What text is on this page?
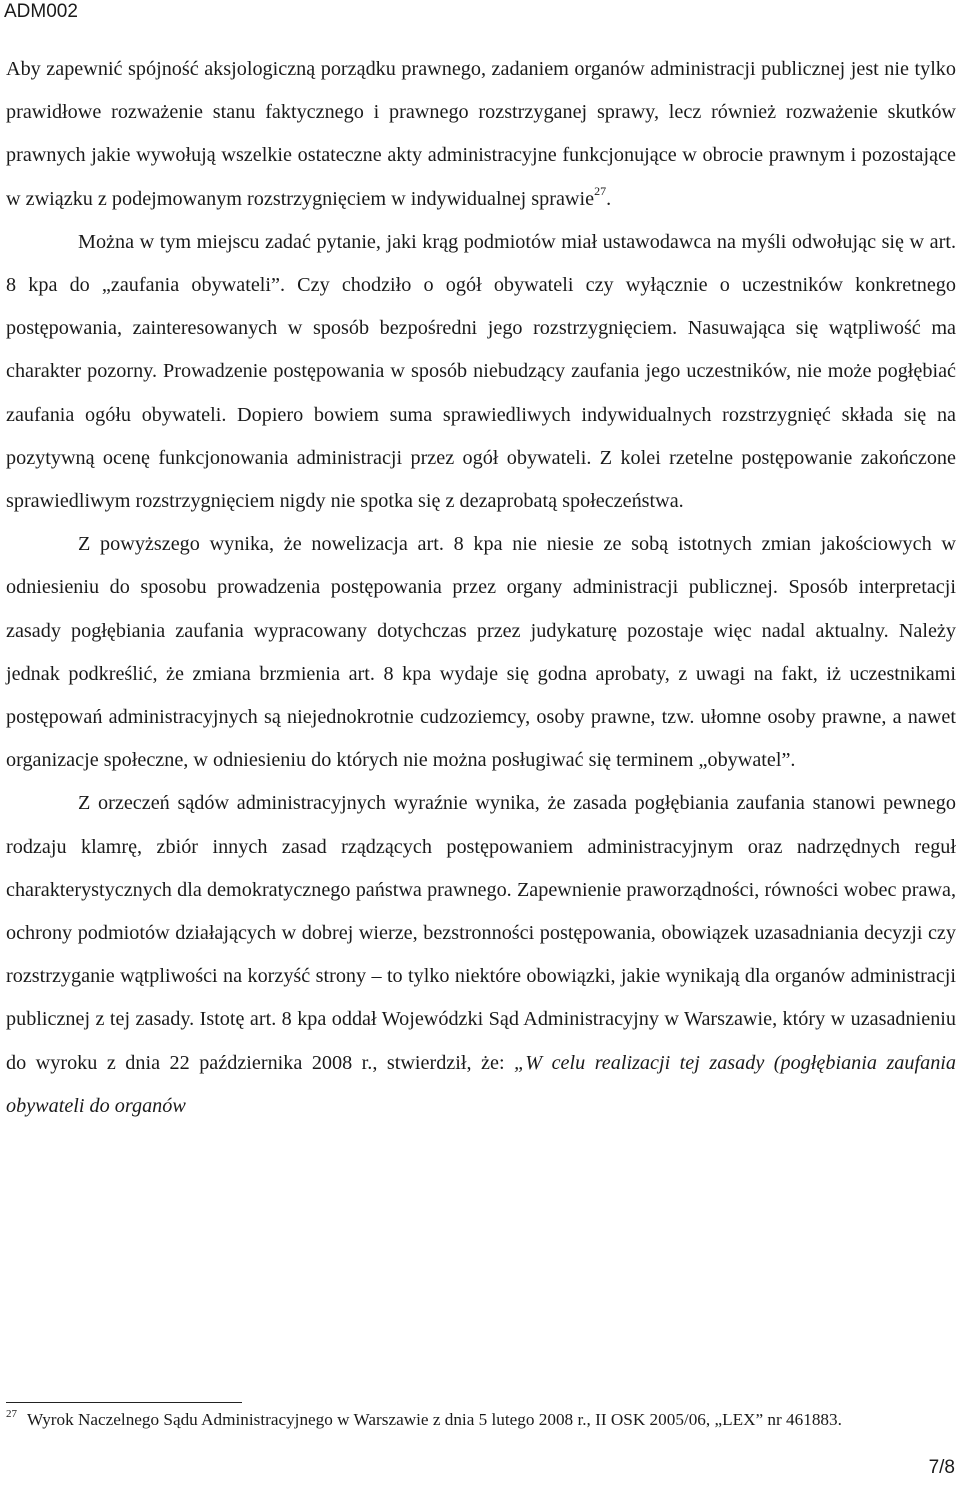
ADM002

Aby zapewnić spójność aksjologiczną porządku prawnego, zadaniem organów administracji publicznej jest nie tylko prawidłowe rozważenie stanu faktycznego i prawnego rozstrzyganej sprawy, lecz również rozważenie skutków prawnych jakie wywołują wszelkie ostateczne akty administracyjne funkcjonujące w obrocie prawnym i pozostające w związku z podejmowanym rozstrzygnięciem w indywidualnej sprawie$^{27}$.

Można w tym miejscu zadać pytanie, jaki krąg podmiotów miał ustawodawca na myśli odwołując się w art. 8 kpa do „zaufania obywateli”. Czy chodziło o ogół obywateli czy wyłącznie o uczestników konkretnego postępowania, zainteresowanych w sposób bezpośredni jego rozstrzygnięciem. Nasuwająca się wątpliwość ma charakter pozorny. Prowadzenie postępowania w sposób niebudzący zaufania jego uczestników, nie może pogłębiać zaufania ogółu obywateli. Dopiero bowiem suma sprawiedliwych indywidualnych rozstrzygnięć składa się na pozytywną ocenę funkcjonowania administracji przez ogół obywateli. Z kolei rzetelne postępowanie zakończone sprawiedliwym rozstrzygnięciem nigdy nie spotka się z dezaprobatą społeczeństwa.

Z powyższego wynika, że nowelizacja art. 8 kpa nie niesie ze sobą istotnych zmian jakościowych w odniesieniu do sposobu prowadzenia postępowania przez organy administracji publicznej. Sposób interpretacji zasady pogłębiania zaufania wypracowany dotychczas przez judykaturę pozostaje więc nadal aktualny. Należy jednak podkreślić, że zmiana brzmienia art. 8 kpa wydaje się godna aprobaty, z uwagi na fakt, iż uczestnikami postępowań administracyjnych są niejednokrotnie cudzoziemcy, osoby prawne, tzw. ułomne osoby prawne, a nawet organizacje społeczne, w odniesieniu do których nie można posługiwać się terminem „obywatel”.

Z orzeczeń sądów administracyjnych wyraźnie wynika, że zasada pogłębiania zaufania stanowi pewnego rodzaju klamrę, zbiór innych zasad rządzących postępowaniem administracyjnym oraz nadrzędnych reguł charakterystycznych dla demokratycznego państwa prawnego. Zapewnienie praworządności, równości wobec prawa, ochrony podmiotów działających w dobrej wierze, bezstronności postępowania, obowiązek uzasadniania decyzji czy rozstrzyganie wątpliwości na korzyść strony – to tylko niektóre obowiązki, jakie wynikają dla organów administracji publicznej z tej zasady. Istotę art. 8 kpa oddał Wojewódzki Sąd Administracyjny w Warszawie, który w uzasadnieniu do wyroku z dnia 22 października 2008 r., stwierdził, że: „W celu realizacji tej zasady (pogłębiania zaufania obywateli do organów

$^{27}$ Wyrok Naczelnego Sądu Administracyjnego w Warszawie z dnia 5 lutego 2008 r., II OSK 2005/06, „LEX” nr 461883.
7/8
